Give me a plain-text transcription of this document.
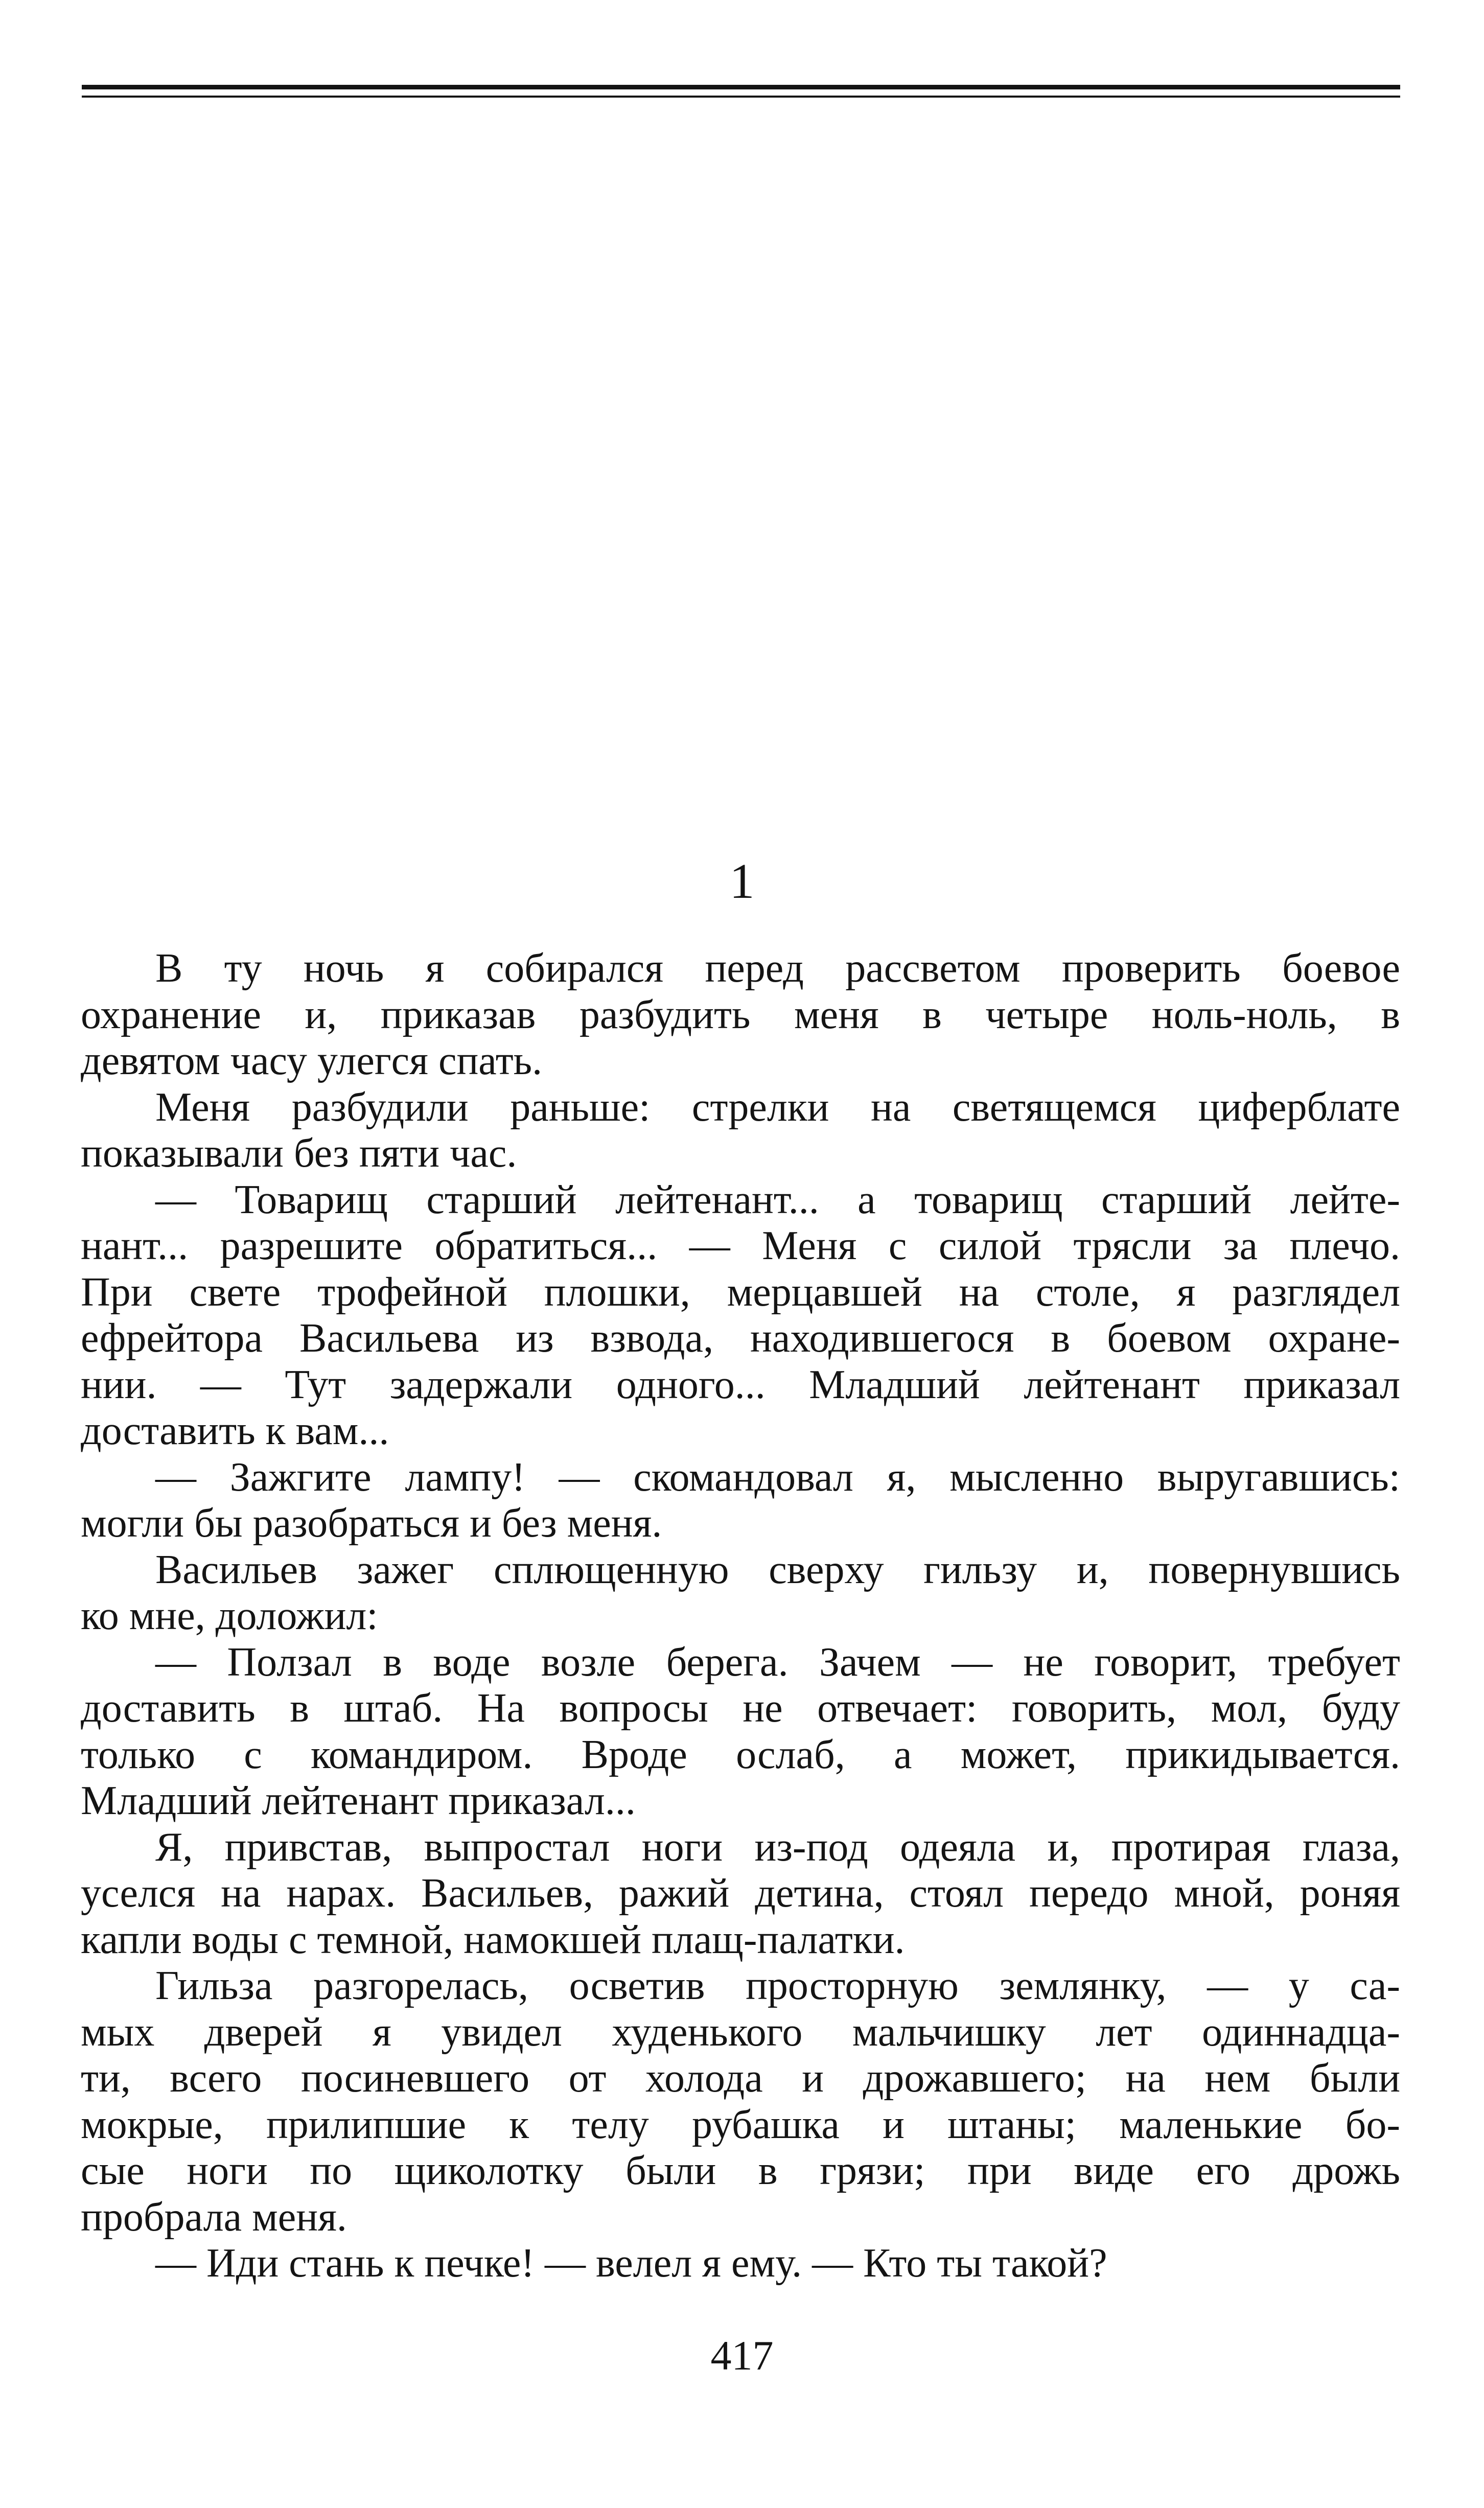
1
В ту ночь я собирался перед рассветом проверить боевое
охранение и, приказав разбудить меня в четыре ноль-ноль, в
девятом часу улегся спать.
Меня разбудили раньше: стрелки на светящемся циферблате
показывали без пяти час.
— Товарищ старший лейтенант... а товарищ старший лейте-
нант... разрешите обратиться... — Меня с силой трясли за плечо.
При свете трофейной плошки, мерцавшей на столе, я разглядел
ефрейтора Васильева из взвода, находившегося в боевом охране-
нии. — Тут задержали одного... Младший лейтенант приказал
доставить к вам...
— Зажгите лампу! — скомандовал я, мысленно выругавшись:
могли бы разобраться и без меня.
Васильев зажег сплющенную сверху гильзу и, повернувшись
ко мне, доложил:
— Ползал в воде возле берега. Зачем — не говорит, требует
доставить в штаб. На вопросы не отвечает: говорить, мол, буду
только с командиром. Вроде ослаб, а может, прикидывается.
Младший лейтенант приказал...
Я, привстав, выпростал ноги из-под одеяла и, протирая глаза,
уселся на нарах. Васильев, ражий детина, стоял передо мной, роняя
капли воды с темной, намокшей плащ-палатки.
Гильза разгорелась, осветив просторную землянку, — у са-
мых дверей я увидел худенького мальчишку лет одиннадца-
ти, всего посиневшего от холода и дрожавшего; на нем были
мокрые, прилипшие к телу рубашка и штаны; маленькие бо-
сые ноги по щиколотку были в грязи; при виде его дрожь
пробрала меня.
— Иди стань к печке! — велел я ему. — Кто ты такой?
417
